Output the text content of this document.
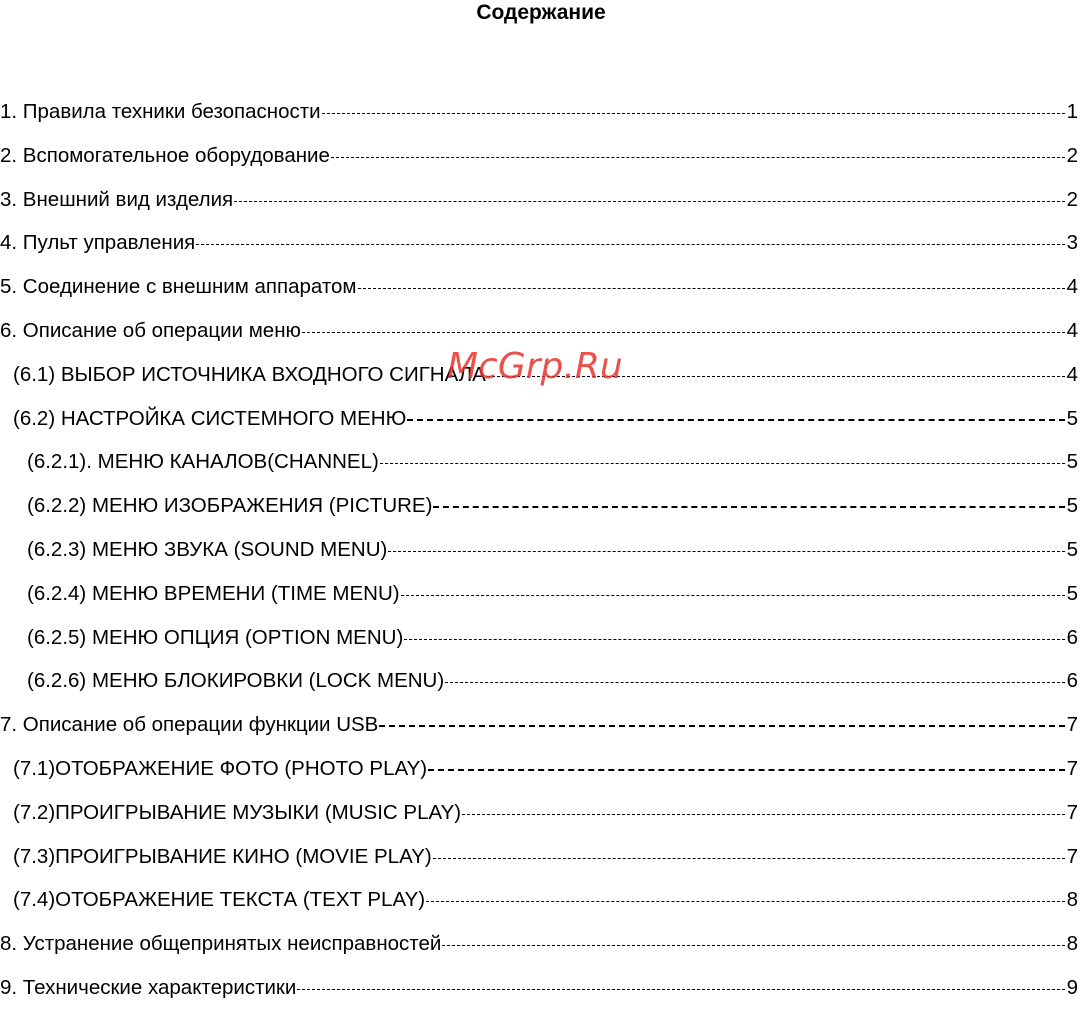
Содержание
1. Правила техники безопасности	1
2. Вспомогательное оборудование	2
3. Внешний вид изделия	2
4. Пульт управления	3
5. Соединение с внешним аппаратом	4
6. Описание об операции меню	4
(6.1) ВЫБОР ИСТОЧНИКА ВХОДНОГО СИГНАЛА	4
(6.2) НАСТРОЙКА СИСТЕМНОГО МЕНЮ	5
(6.2.1). МЕНЮ КАНАЛОВ(CHANNEL)	5
(6.2.2) МЕНЮ ИЗОБРАЖЕНИЯ (PICTURE)	5
(6.2.3) МЕНЮ ЗВУКА (SOUND MENU)	5
(6.2.4) МЕНЮ ВРЕМЕНИ (TIME MENU)	5
(6.2.5) МЕНЮ ОПЦИЯ (OPTION MENU)	6
(6.2.6) МЕНЮ БЛОКИРОВКИ (LOCK MENU)	6
7. Описание об операции функции USB	7
(7.1)ОТОБРАЖЕНИЕ ФОТО (PHOTO PLAY)	7
(7.2)ПРОИГРЫВАНИЕ МУЗЫКИ (MUSIC PLAY)	7
(7.3)ПРОИГРЫВАНИЕ КИНО (MOVIE PLAY)	7
(7.4)ОТОБРАЖЕНИЕ ТЕКСТА (TEXT PLAY)	8
8. Устранение общепринятых неисправностей	8
9. Технические характеристики	9
McGrp.Ru
